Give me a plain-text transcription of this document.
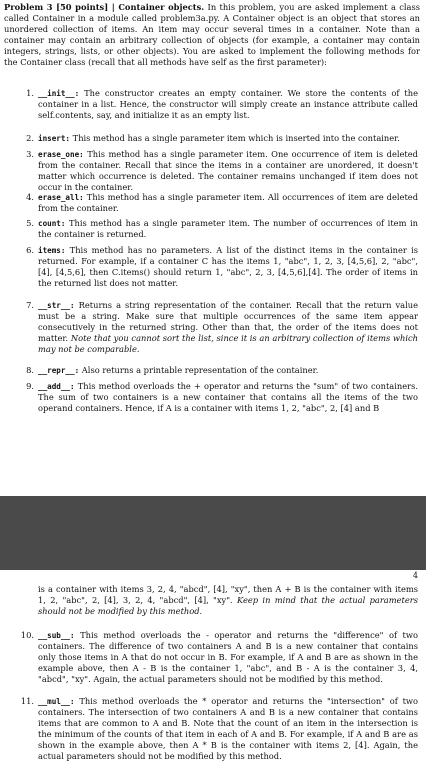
Problem 3 [50 points] | Container objects. In this problem, you are asked implement a class called Container in a module called problem3a.py. A Container object is an object that stores an unordered collection of items. An item may occur several times in a container. Note than a container may contain an arbitrary collection of objects (for example, a container may contain integers, strings, lists, or other objects). You are asked to implement the following methods for the Container class (recall that all methods have self as the first parameter):
1. __init__: The constructor creates an empty container. We store the contents of the container in a list. Hence, the constructor will simply create an instance attribute called self.contents, say, and initialize it as an empty list.
2. insert: This method has a single parameter item which is inserted into the container.
3. erase_one: This method has a single parameter item. One occurrence of item is deleted from the container. Recall that since the items in a container are unordered, it doesn't matter which occurrence is deleted. The container remains unchanged if item does not occur in the container.
4. erase_all: This method has a single parameter item. All occurrences of item are deleted from the container.
5. count: This method has a single parameter item. The number of occurrences of item in the container is returned.
6. items: This method has no parameters. A list of the distinct items in the container is returned. For example, if a container C has the items 1, "abc", 1, 2, 3, [4,5,6], 2, "abc", [4], [4,5,6], then C.items() should return 1, "abc", 2, 3, [4,5,6],[4]. The order of items in the returned list does not matter.
7. __str__: Returns a string representation of the container. Recall that the return value must be a string. Make sure that multiple occurrences of the same item appear consecutively in the returned string. Other than that, the order of the items does not matter. Note that you cannot sort the list, since it is an arbitrary collection of items which may not be comparable.
8. __repr__: Also returns a printable representation of the container.
9. __add__: This method overloads the + operator and returns the "sum" of two containers. The sum of two containers is a new container that contains all the items of the two operand containers. Hence, if A is a container with items 1, 2, "abc", 2, [4] and B
4
is a container with items 3, 2, 4, "abcd", [4], "xy", then A + B is the container with items 1, 2, "abc", 2, [4], 3, 2, 4, "abcd", [4], "xy". Keep in mind that the actual parameters should not be modified by this method.
10. __sub__: This method overloads the - operator and returns the "difference" of two containers. The difference of two containers A and B is a new container that contains only those items in A that do not occur in B. For example, if A and B are as shown in the example above, then A - B is the container 1, "abc", and B - A is the container 3, 4, "abcd", "xy". Again, the actual parameters should not be modified by this method.
11. __mul__: This method overloads the * operator and returns the "intersection" of two containers. The intersection of two containers A and B is a new container that contains items that are common to A and B. Note that the count of an item in the intersection is the minimum of the counts of that item in each of A and B. For example, if A and B are as shown in the example above, then A * B is the container with items 2, [4]. Again, the actual parameters should not be modified by this method.
